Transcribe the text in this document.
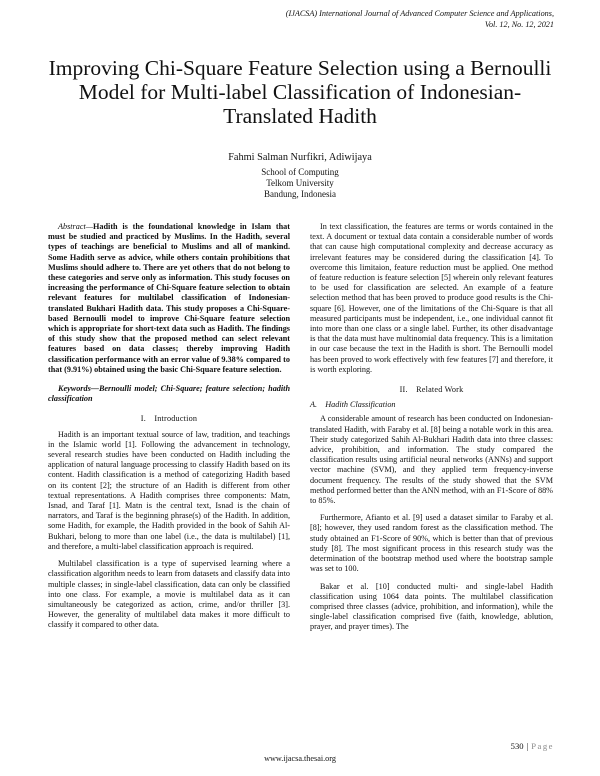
(IJACSA) International Journal of Advanced Computer Science and Applications,
Vol. 12, No. 12, 2021
Improving Chi-Square Feature Selection using a Bernoulli Model for Multi-label Classification of Indonesian-Translated Hadith
Fahmi Salman Nurfikri, Adiwijaya
School of Computing
Telkom University
Bandung, Indonesia

Abstract—Hadith is the foundational knowledge in Islam that must be studied and practiced by Muslims. In the Hadith, several types of teachings are beneficial to Muslims and all of mankind. Some Hadith serve as advice, while others contain prohibitions that Muslims should adhere to. There are yet others that do not belong to these categories and serve only as information. This study focuses on increasing the performance of Chi-Square feature selection to obtain relevant features for multilabel classification of Indonesian-translated Bukhari Hadith data. This study proposes a Chi-Square-based Bernoulli model to improve Chi-Square feature selection which is appropriate for short-text data such as Hadith. The findings of this study show that the proposed method can select relevant features based on data classes; thereby improving Hadith classification performance with an error value of 9.38% compared to that (9.91%) obtained using the basic Chi-Square feature selection.

Keywords—Bernoulli model; Chi-Square; feature selection; hadith classification

I. Introduction

Hadith is an important textual source of law, tradition, and teachings in the Islamic world [1]. Following the advancement in technology, several research studies have been conducted on Hadith including the application of natural language processing to classify Hadith based on its content. Hadith classification is a method of categorizing Hadith based on its content [2]; the structure of an Hadith is different from other textual representations. A Hadith comprises three components: Matn, Isnad, and Taraf [1]. Matn is the central text, Isnad is the chain of narrators, and Taraf is the beginning phrase(s) of the Hadith. In addition, some Hadith, for example, the Hadith provided in the book of Sahih Al-Bukhari, belong to more than one label (i.e., the data is multilabel) [1], and therefore, a multi-label classification approach is required.

Multilabel classification is a type of supervised learning where a classification algorithm needs to learn from datasets and classify data into multiple classes; in single-label classification, data can only be classified into one class. For example, a movie is multilabel data as it can simultaneously be categorized as action, crime, and/or thriller [3]. However, the generality of multilabel data makes it more difficult to classify it compared to other data.

In text classification, the features are terms or words contained in the text. A document or textual data contain a considerable number of words that can cause high computational complexity and decrease accuracy as irrelevant features may be considered during the classification [4]. To overcome this limitaion, feature reduction must be applied. One method of feature reduction is feature selection [5] wherein only relevant features to be used for classification are selected. An example of a feature selection method that has been proved to produce good results is the Chi-square [6]. However, one of the limitations of the Chi-Square is that all measured participants must be independent, i.e., one individual cannot fit into more than one class or a single label. Further, its other disadvantage is that the data must have multinomial data frequency. This is a limitation in our case because the text in the Hadith is short. The Bernoulli model has been proved to work effectively with few features [7] and therefore, it is worth exploring.

II. Related Work
A. Hadith Classification

A considerable amount of research has been conducted on Indonesian-translated Hadith, with Faraby et al. [8] being a notable work in this area. Their study categorized Sahih Al-Bukhari Hadith data into three classes: advice, prohibition, and information. The study compared the classification results using artificial neural networks (ANNs) and support vector machine (SVM), and they applied term frequency-inverse document frequency. The results of the study showed that the SVM method performed better than the ANN method, with an F1-Score of 88% to 85%.

Furthermore, Afianto et al. [9] used a dataset similar to Faraby et al. [8]; however, they used random forest as the classification method. The study obtained an F1-Score of 90%, which is better than that of previous study [8]. The most significant process in this research study was the determination of the bootstrap method used where the bootstrap sample was set to 100.

Bakar et al. [10] conducted multi- and single-label Hadith classification using 1064 data points. The multilabel classification comprised three classes (advice, prohibition, and information), while the single-label classification comprised five (faith, knowledge, ablution, prayer, and prayer times). The

530 | Page
www.ijacsa.thesai.org
